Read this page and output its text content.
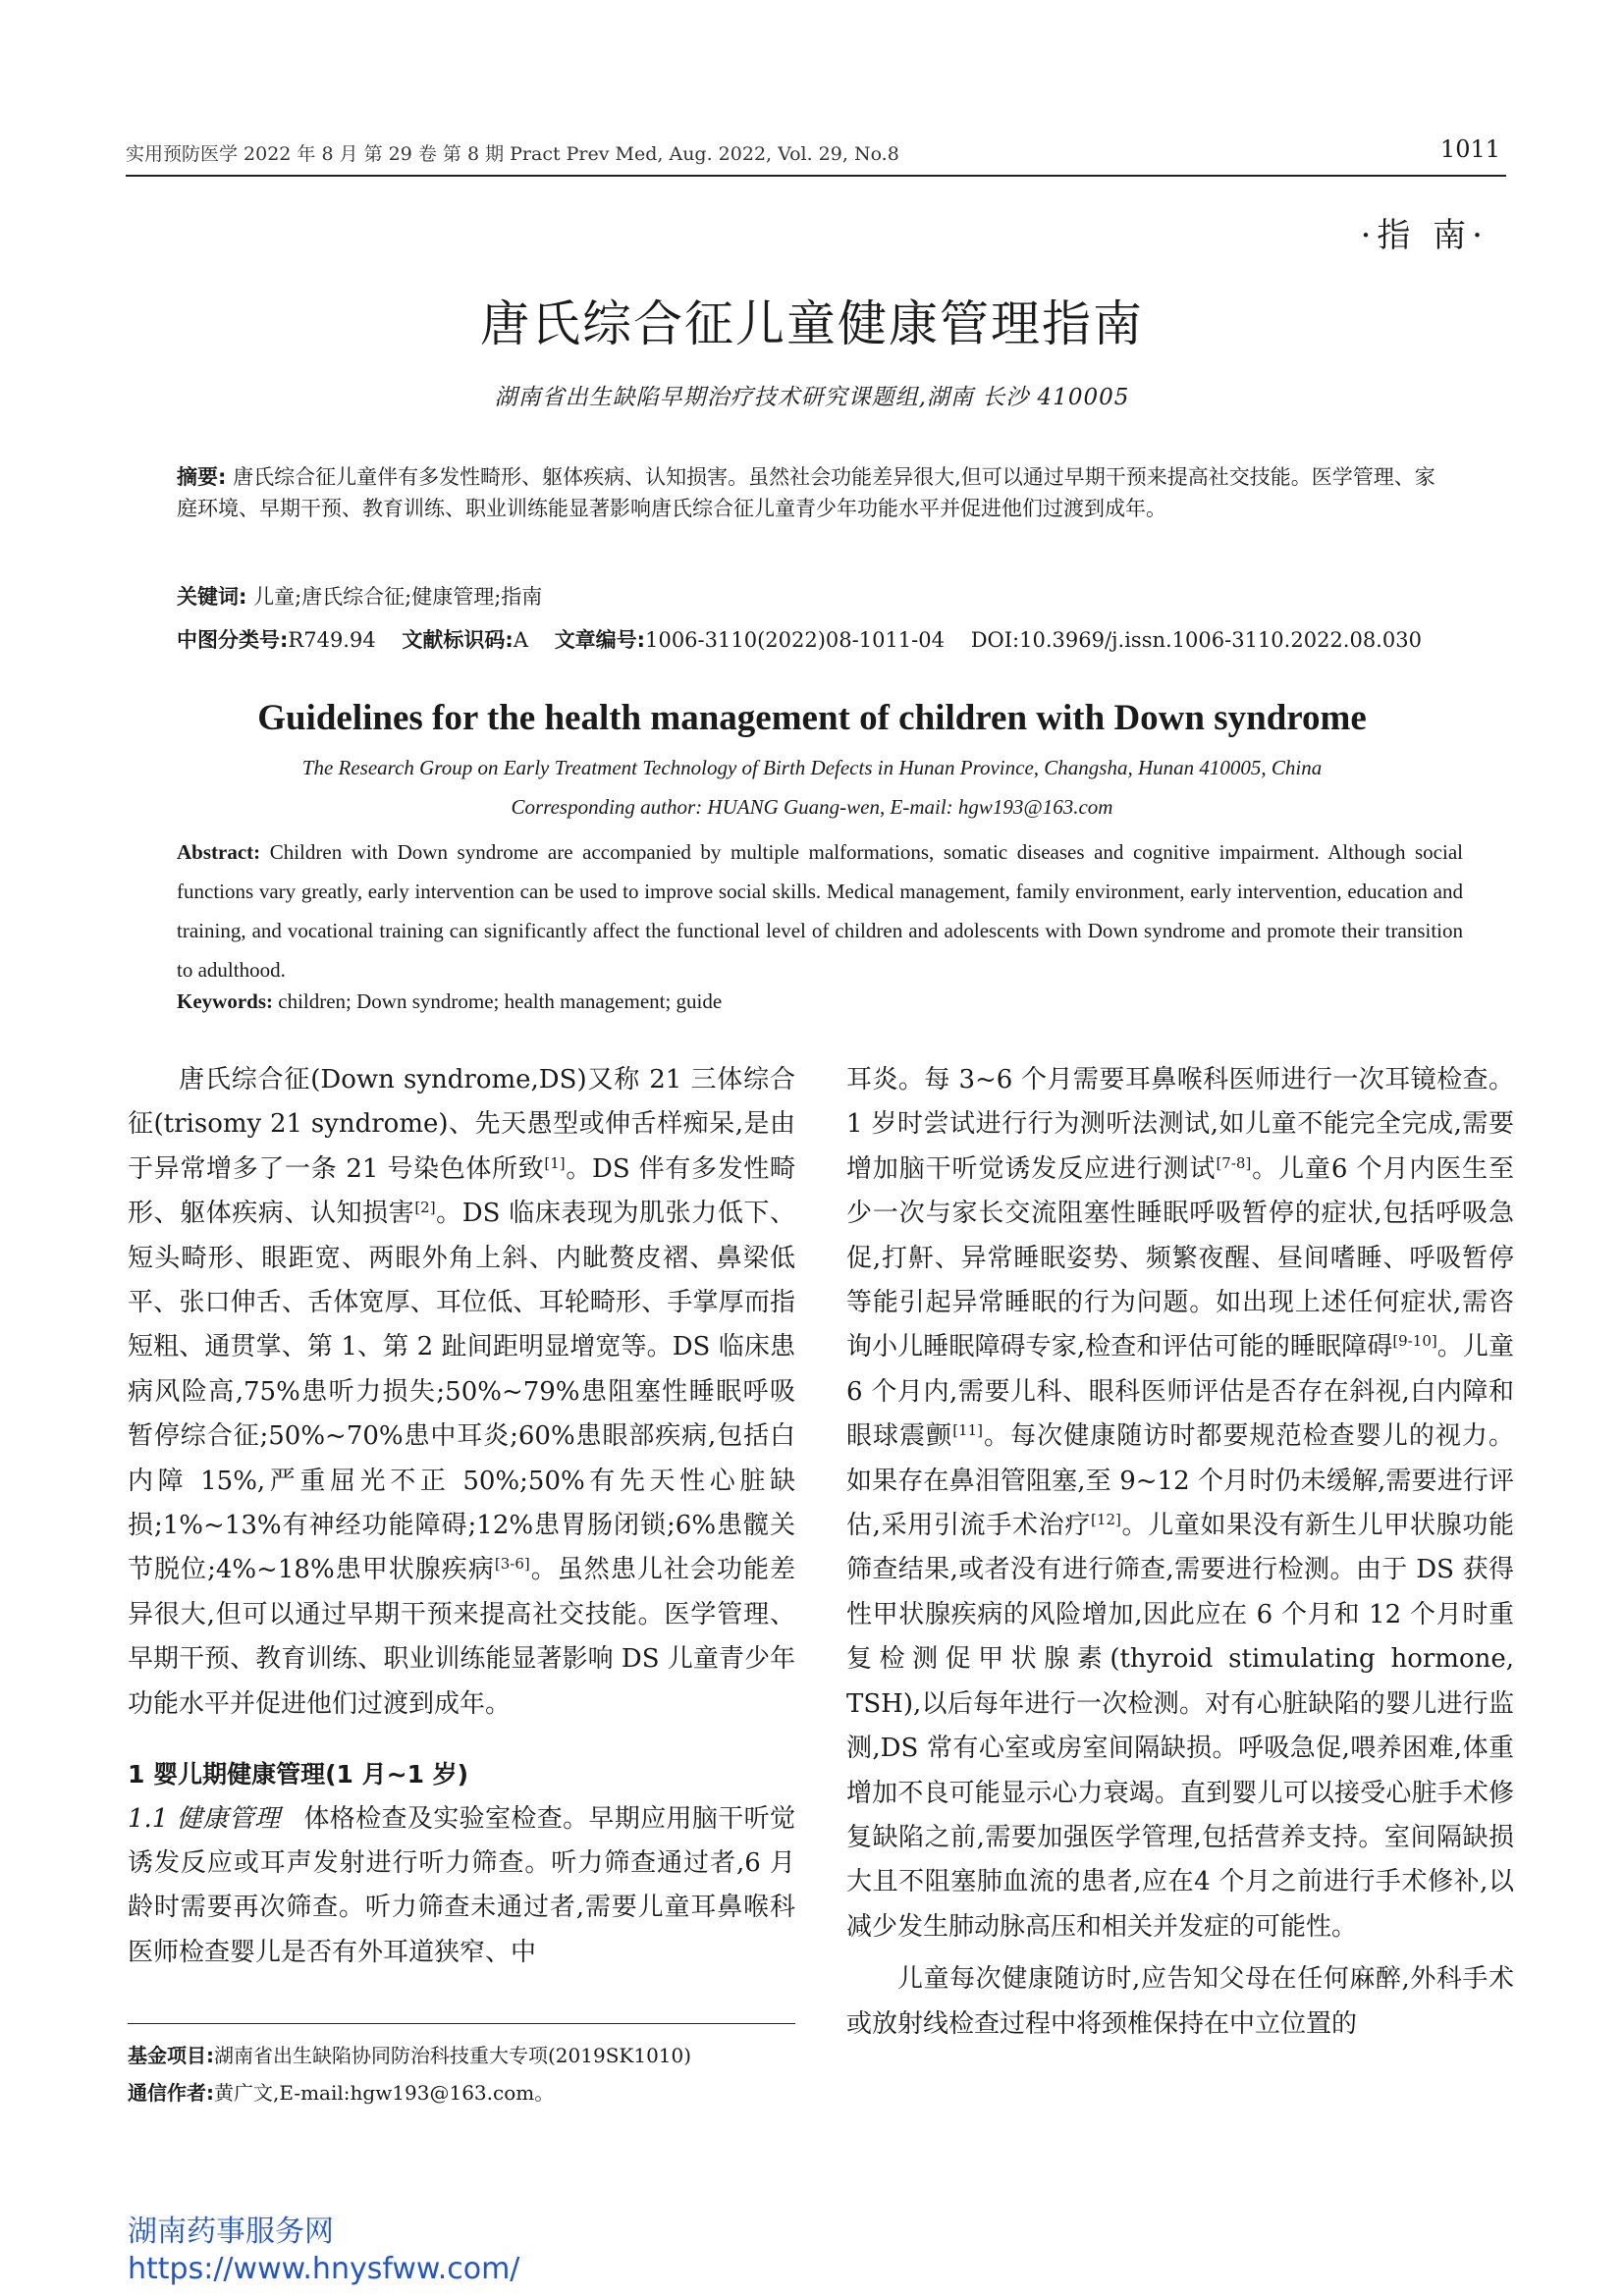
实用预防医学 2022 年 8 月 第 29 卷 第 8 期 Pract Prev Med, Aug. 2022, Vol. 29, No.8	1011
·指 南·
唐氏综合征儿童健康管理指南
湖南省出生缺陷早期治疗技术研究课题组,湖南 长沙 410005
摘要: 唐氏综合征儿童伴有多发性畸形、躯体疾病、认知损害。虽然社会功能差异很大,但可以通过早期干预来提高社交技能。医学管理、家庭环境、早期干预、教育训练、职业训练能显著影响唐氏综合征儿童青少年功能水平并促进他们过渡到成年。
关键词: 儿童;唐氏综合征;健康管理;指南
中图分类号:R749.94 文献标识码:A 文章编号:1006-3110(2022)08-1011-04 DOI:10.3969/j.issn.1006-3110.2022.08.030
Guidelines for the health management of children with Down syndrome
The Research Group on Early Treatment Technology of Birth Defects in Hunan Province, Changsha, Hunan 410005, China
Corresponding author: HUANG Guang-wen, E-mail: hgw193@163.com
Abstract: Children with Down syndrome are accompanied by multiple malformations, somatic diseases and cognitive impairment. Although social functions vary greatly, early intervention can be used to improve social skills. Medical management, family environment, early intervention, education and training, and vocational training can significantly affect the functional level of children and adolescents with Down syndrome and promote their transition to adulthood.
Keywords: children; Down syndrome; health management; guide

唐氏综合征(Down syndrome,DS)又称 21 三体综合征(trisomy 21 syndrome)、先天愚型或伸舌样痴呆,是由于异常增多了一条 21 号染色体所致[1]。DS 伴有多发性畸形、躯体疾病、认知损害[2]。DS 临床表现为肌张力低下、短头畸形、眼距宽、两眼外角上斜、内眦赘皮褶、鼻梁低平、张口伸舌、舌体宽厚、耳位低、耳轮畸形、手掌厚而指短粗、通贯掌、第 1、第 2 趾间距明显增宽等。DS 临床患病风险高,75%患听力损失;50%~79%患阻塞性睡眠呼吸暂停综合征;50%~70%患中耳炎;60%患眼部疾病,包括白内障 15%,严重屈光不正 50%;50%有先天性心脏缺损;1%~13%有神经功能障碍;12%患胃肠闭锁;6%患髋关节脱位;4%~18%患甲状腺疾病[3-6]。虽然患儿社会功能差异很大,但可以通过早期干预来提高社交技能。医学管理、早期干预、教育训练、职业训练能显著影响 DS 儿童青少年功能水平并促进他们过渡到成年。

1 婴儿期健康管理(1 月~1 岁)

1.1 健康管理 体格检查及实验室检查。早期应用脑干听觉诱发反应或耳声发射进行听力筛查。听力筛查通过者,6 月龄时需要再次筛查。听力筛查未通过者,需要儿童耳鼻喉科医师检查婴儿是否有外耳道狭窄、中

耳炎。每 3~6 个月需要耳鼻喉科医师进行一次耳镜检查。1 岁时尝试进行行为测听法测试,如儿童不能完全完成,需要增加脑干听觉诱发反应进行测试[7-8]。儿童6 个月内医生至少一次与家长交流阻塞性睡眠呼吸暂停的症状,包括呼吸急促,打鼾、异常睡眠姿势、频繁夜醒、昼间嗜睡、呼吸暂停等能引起异常睡眠的行为问题。如出现上述任何症状,需咨询小儿睡眠障碍专家,检查和评估可能的睡眠障碍[9-10]。儿童 6 个月内,需要儿科、眼科医师评估是否存在斜视,白内障和眼球震颤[11]。每次健康随访时都要规范检查婴儿的视力。如果存在鼻泪管阻塞,至 9~12 个月时仍未缓解,需要进行评估,采用引流手术治疗[12]。儿童如果没有新生儿甲状腺功能筛查结果,或者没有进行筛查,需要进行检测。由于 DS 获得性甲状腺疾病的风险增加,因此应在 6 个月和 12 个月时重复检测促甲状腺素(thyroid stimulating hormone, TSH),以后每年进行一次检测。对有心脏缺陷的婴儿进行监测,DS 常有心室或房室间隔缺损。呼吸急促,喂养困难,体重增加不良可能显示心力衰竭。直到婴儿可以接受心脏手术修复缺陷之前,需要加强医学管理,包括营养支持。室间隔缺损大且不阻塞肺血流的患者,应在4 个月之前进行手术修补,以减少发生肺动脉高压和相关并发症的可能性。

儿童每次健康随访时,应告知父母在任何麻醉,外科手术或放射线检查过程中将颈椎保持在中立位置的

基金项目:湖南省出生缺陷协同防治科技重大专项(2019SK1010)
通信作者:黄广文,E-mail:hgw193@163.com。
湖南药事服务网
https://www.hnysfww.com/
